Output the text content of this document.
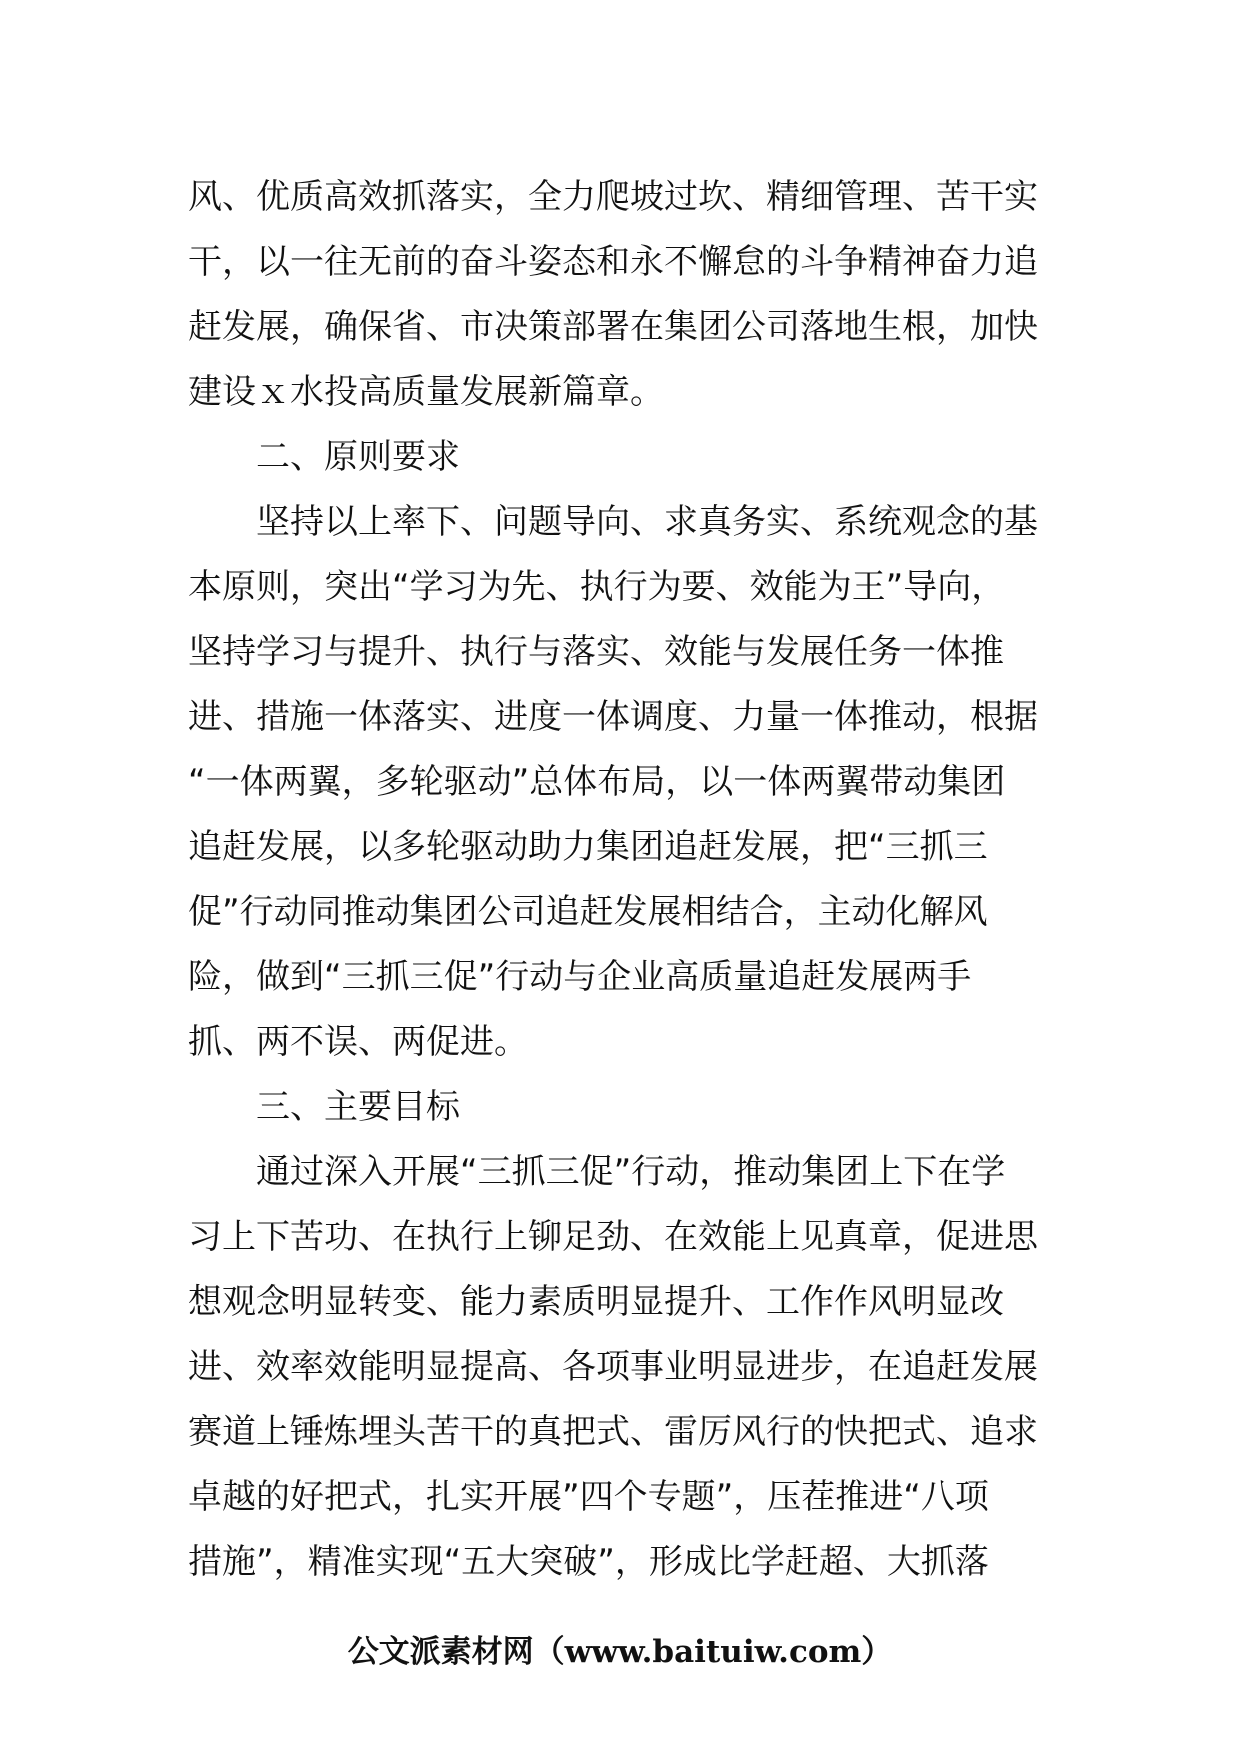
风、优质高效抓落实，全力爬坡过坎、精细管理、苦干实
干，以一往无前的奋斗姿态和永不懈怠的斗争精神奋力追
赶发展，确保省、市决策部署在集团公司落地生根，加快
建设ｘ水投高质量发展新篇章。
　　二、原则要求
　　坚持以上率下、问题导向、求真务实、系统观念的基
本原则，突出“学习为先、执行为要、效能为王”导向，
坚持学习与提升、执行与落实、效能与发展任务一体推
进、措施一体落实、进度一体调度、力量一体推动，根据
“一体两翼，多轮驱动”总体布局，以一体两翼带动集团
追赶发展，以多轮驱动助力集团追赶发展，把“三抓三
促”行动同推动集团公司追赶发展相结合，主动化解风
险，做到“三抓三促”行动与企业高质量追赶发展两手
抓、两不误、两促进。
　　三、主要目标
　　通过深入开展“三抓三促”行动，推动集团上下在学
习上下苦功、在执行上铆足劲、在效能上见真章，促进思
想观念明显转变、能力素质明显提升、工作作风明显改
进、效率效能明显提高、各项事业明显进步，在追赶发展
赛道上锤炼埋头苦干的真把式、雷厉风行的快把式、追求
卓越的好把式，扎实开展”四个专题”，压茬推进“八项
措施”，精准实现“五大突破”，形成比学赶超、大抓落
公文派素材网（www.baituiw.com）
